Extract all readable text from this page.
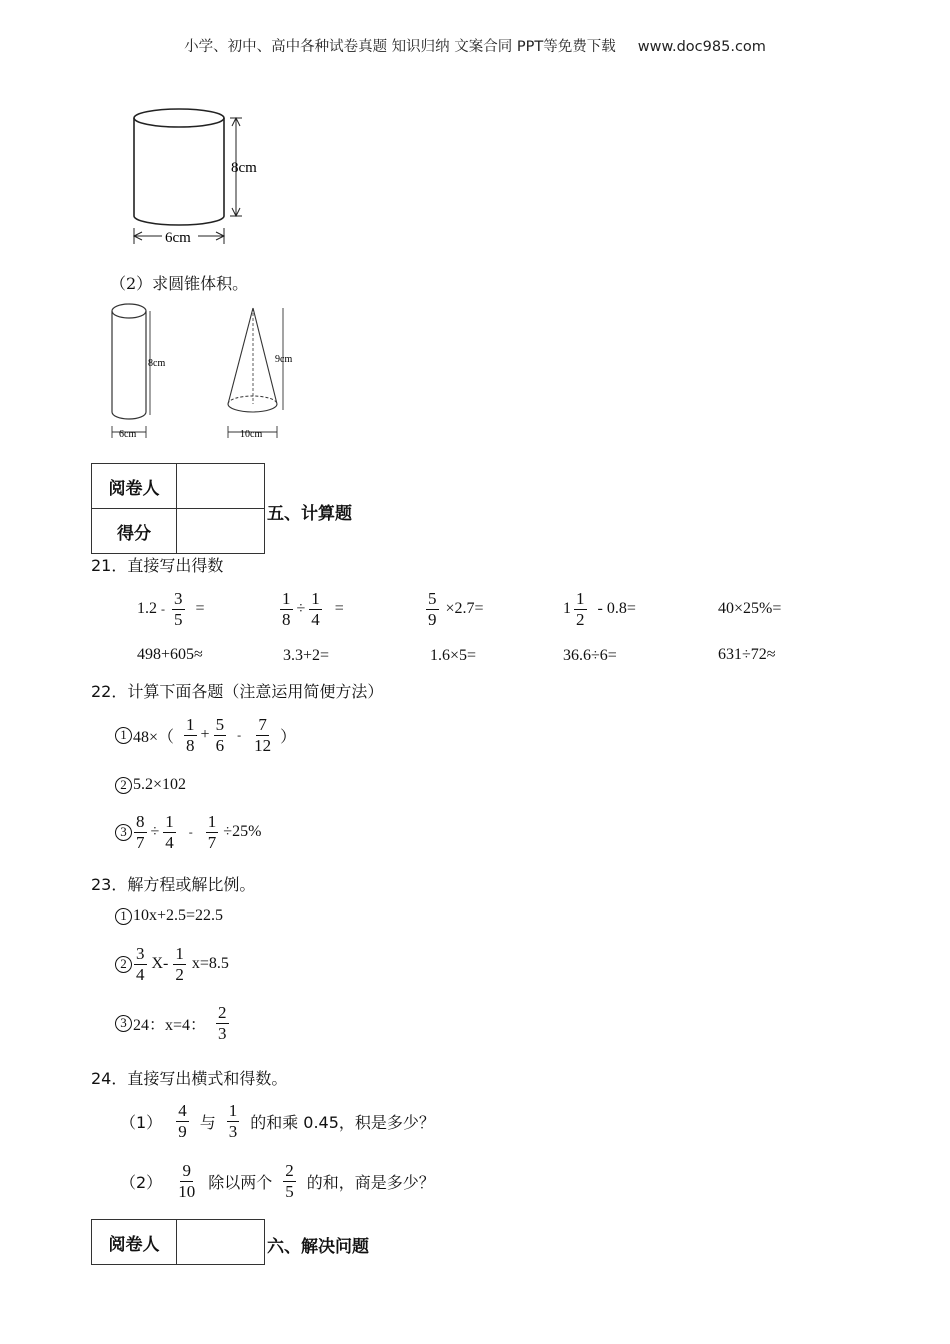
小学、初中、高中各种试卷真题 知识归纳 文案合同 PPT等免费下载 www.doc985.com
8cm
6cm
（2）求圆锥体积。
8cm
6cm
9cm
10cm
阅卷人	
得分	
五、计算题
21．直接写出得数
$1.2 - \frac{3}{5}$ =	$\frac{1}{8} \div \frac{1}{4}$ =	$\frac{5}{9} \times 2.7=$	$1 \frac{1}{2} - 0.8=$	40×25%=
498+605≈	3.3+2=	1.6×5=	36.6÷6=	631÷72≈
22．计算下面各题（注意运用简便方法）
1 $48\times( \frac{1}{8} + \frac{5}{6} - \frac{7}{12}$ ）
2 5.2×102
$3 \frac{8}{7} \div \frac{1}{4} - \frac{1}{7} \div 25\%$
23．解方程或解比例。
1 10x+2.5=22.5
$2 \frac{3}{4} X- \frac{1}{2} x=8.5$
3 24：x=4： $\frac{2}{3}$
24．直接写出横式和得数。
$(1) \frac{4}{9}$ 与 $\frac{1}{3}$ 的和乘 0.45，积是多少？
$(2) \frac{9}{10}$ 除以两个 $\frac{2}{5}$ 的和，商是多少？
阅卷人		六、解决问题
